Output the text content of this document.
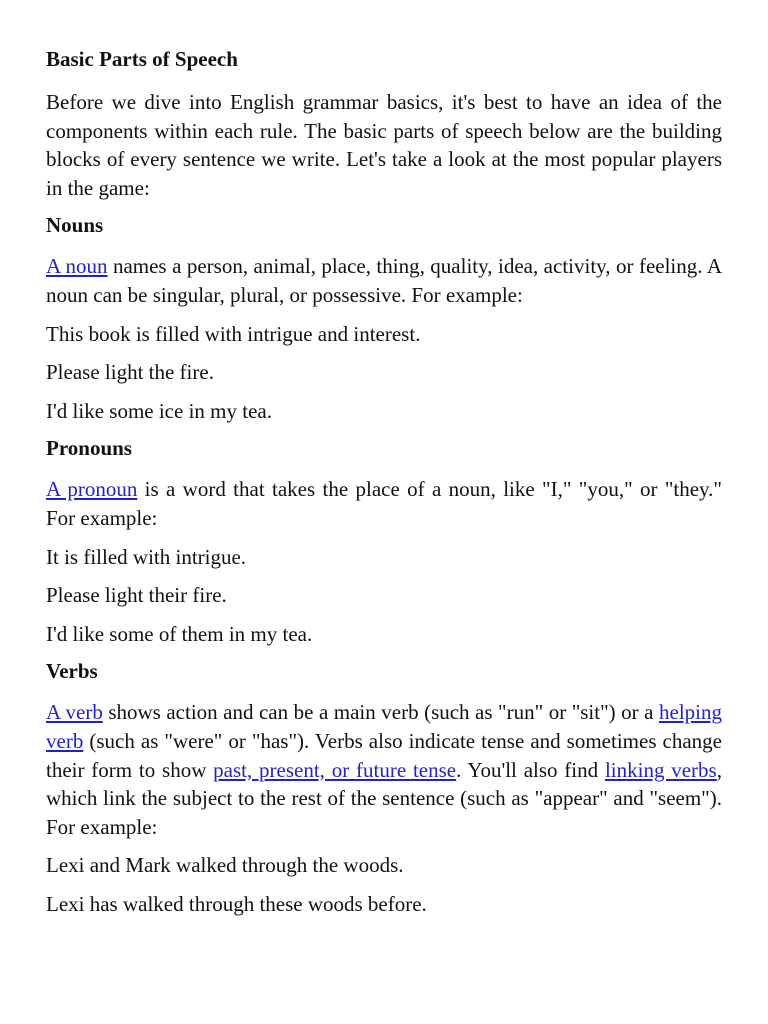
Basic Parts of Speech

Before we dive into English grammar basics, it's best to have an idea of the components within each rule. The basic parts of speech below are the building blocks of every sentence we write. Let's take a look at the most popular players in the game:

Nouns

A noun names a person, animal, place, thing, quality, idea, activity, or feeling. A noun can be singular, plural, or possessive. For example:

This book is filled with intrigue and interest.

Please light the fire.

I'd like some ice in my tea.

Pronouns

A pronoun is a word that takes the place of a noun, like "I," "you," or "they." For example:

It is filled with intrigue.

Please light their fire.

I'd like some of them in my tea.

Verbs

A verb shows action and can be a main verb (such as "run" or "sit") or a helping verb (such as "were" or "has"). Verbs also indicate tense and sometimes change their form to show past, present, or future tense. You'll also find linking verbs, which link the subject to the rest of the sentence (such as "appear" and "seem"). For example:

Lexi and Mark walked through the woods.

Lexi has walked through these woods before.
